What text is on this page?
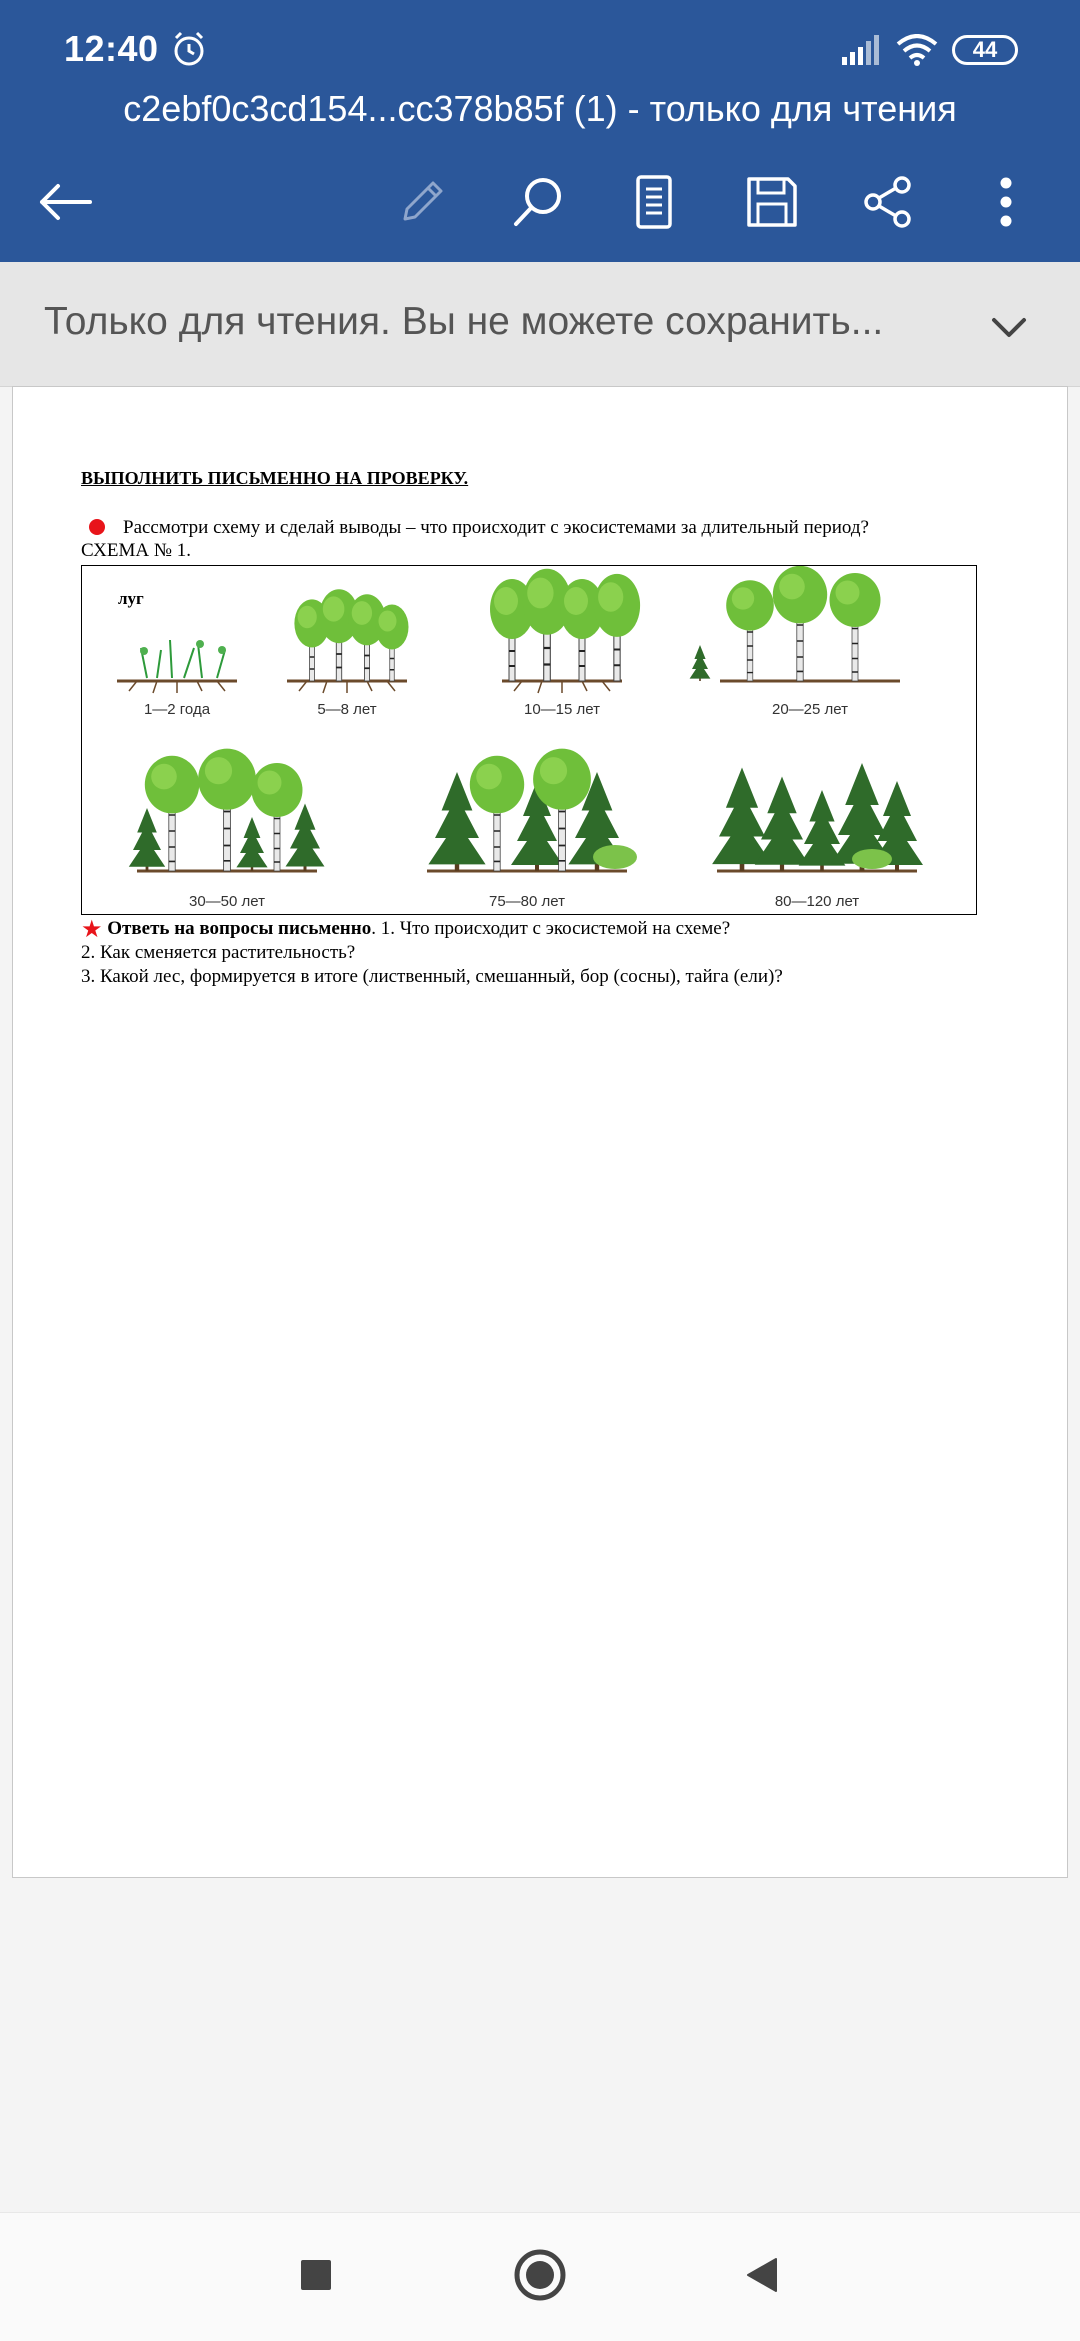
12:40	44
c2ebf0c3cd154...cc378b85f (1) - только для чтения
Только для чтения. Вы не можете сохранить...
ВЫПОЛНИТЬ ПИСЬМЕННО НА ПРОВЕРКУ.
Рассмотри схему и сделай выводы – что происходит с экосистемами за длительный период?
СХЕМА № 1.
луг
1—2 года	5—8 лет	10—15 лет	20—25 лет
30—50 лет	75—80 лет	80—120 лет
★ Ответь на вопросы письменно. 1. Что происходит с экосистемой на схеме?
2. Как сменяется растительность?
3. Какой лес, формируется в итоге (лиственный, смешанный, бор (сосны), тайга (ели)?
